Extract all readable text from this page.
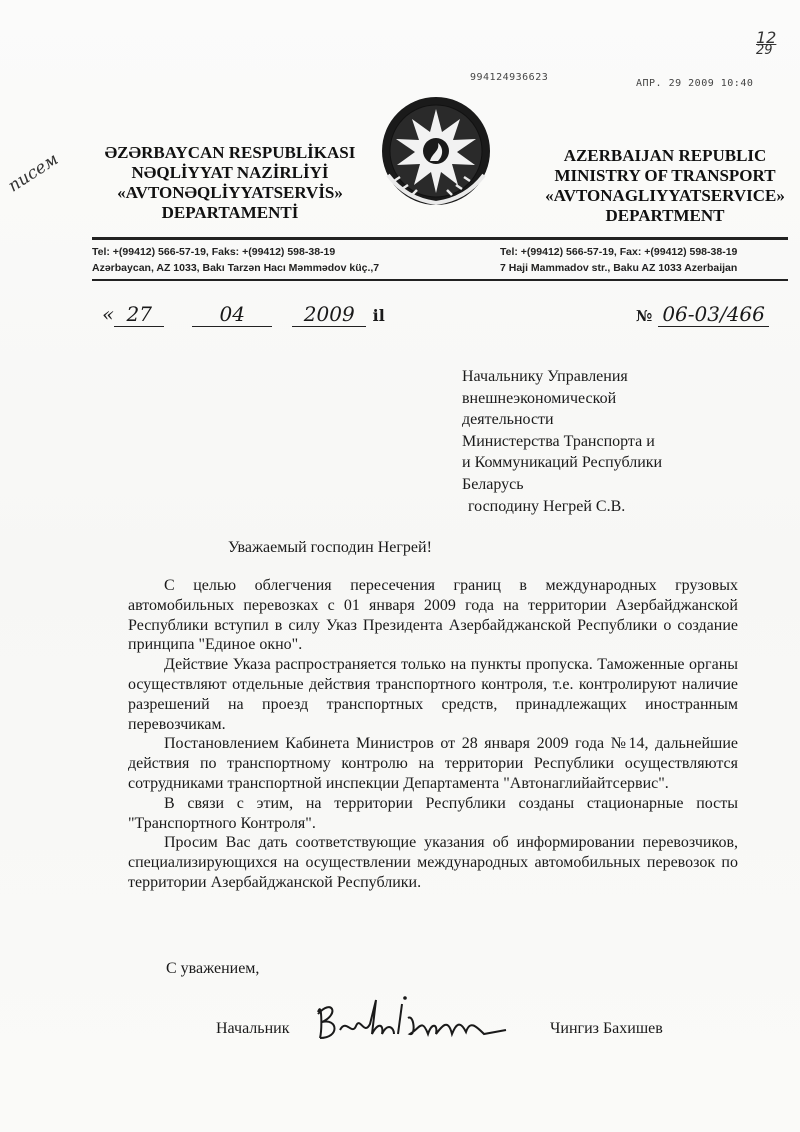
994124936623
АПР. 29 2009 10:40
12
29
писем	ƏZƏRBAYCAN RESPUBLİKASI
NƏQLİYYAT NAZİRLİYİ
«AVTONƏQLİYYATSERVİS»
DEPARTAMENTİ
AZERBAIJAN REPUBLIC
MINISTRY OF TRANSPORT
«AVTONAGLIYYATSERVICE»
DEPARTMENT
Tel: +(99412) 566-57-19, Faks: +(99412) 598-38-19
Azərbaycan, AZ 1033, Bakı Tarzən Hacı Məmmədov küç.,7
Tel: +(99412) 566-57-19, Fax: +(99412) 598-38-19
7 Haji Mammadov str., Baku AZ 1033 Azerbaijan
« 27	04	2009 il	№ 06-03/466
Начальнику Управления
внешнеэкономической
деятельности
Министерства Транспорта и
и Коммуникаций Республики
Беларусь
господину Негрей С.В.
Уважаемый господин Негрей!

С целью облегчения пересечения границ в международных грузовых автомобильных перевозках с 01 января 2009 года на территории Азербайджанской Республики вступил в силу Указ Президента Азербайджанской Республики о создание принципа "Единое окно".

Действие Указа распространяется только на пункты пропуска. Таможенные органы осуществляют отдельные действия транспортного контроля, т.е. контролируют наличие разрешений на проезд транспортных средств, принадлежащих иностранным перевозчикам.

Постановлением Кабинета Министров от 28 января 2009 года №14, дальнейшие действия по транспортному контролю на территории Республики осуществляются сотрудниками транспортной инспекции Департамента "Автонаглийайтсервис".

В связи с этим, на территории Республики созданы стационарные посты "Транспортного Контроля".

Просим Вас дать соответствующие указания об информировании перевозчиков, специализирующихся на осуществлении международных автомобильных перевозок по территории Азербайджанской Республики.

С уважением,
Начальник	Чингиз Бахишев
